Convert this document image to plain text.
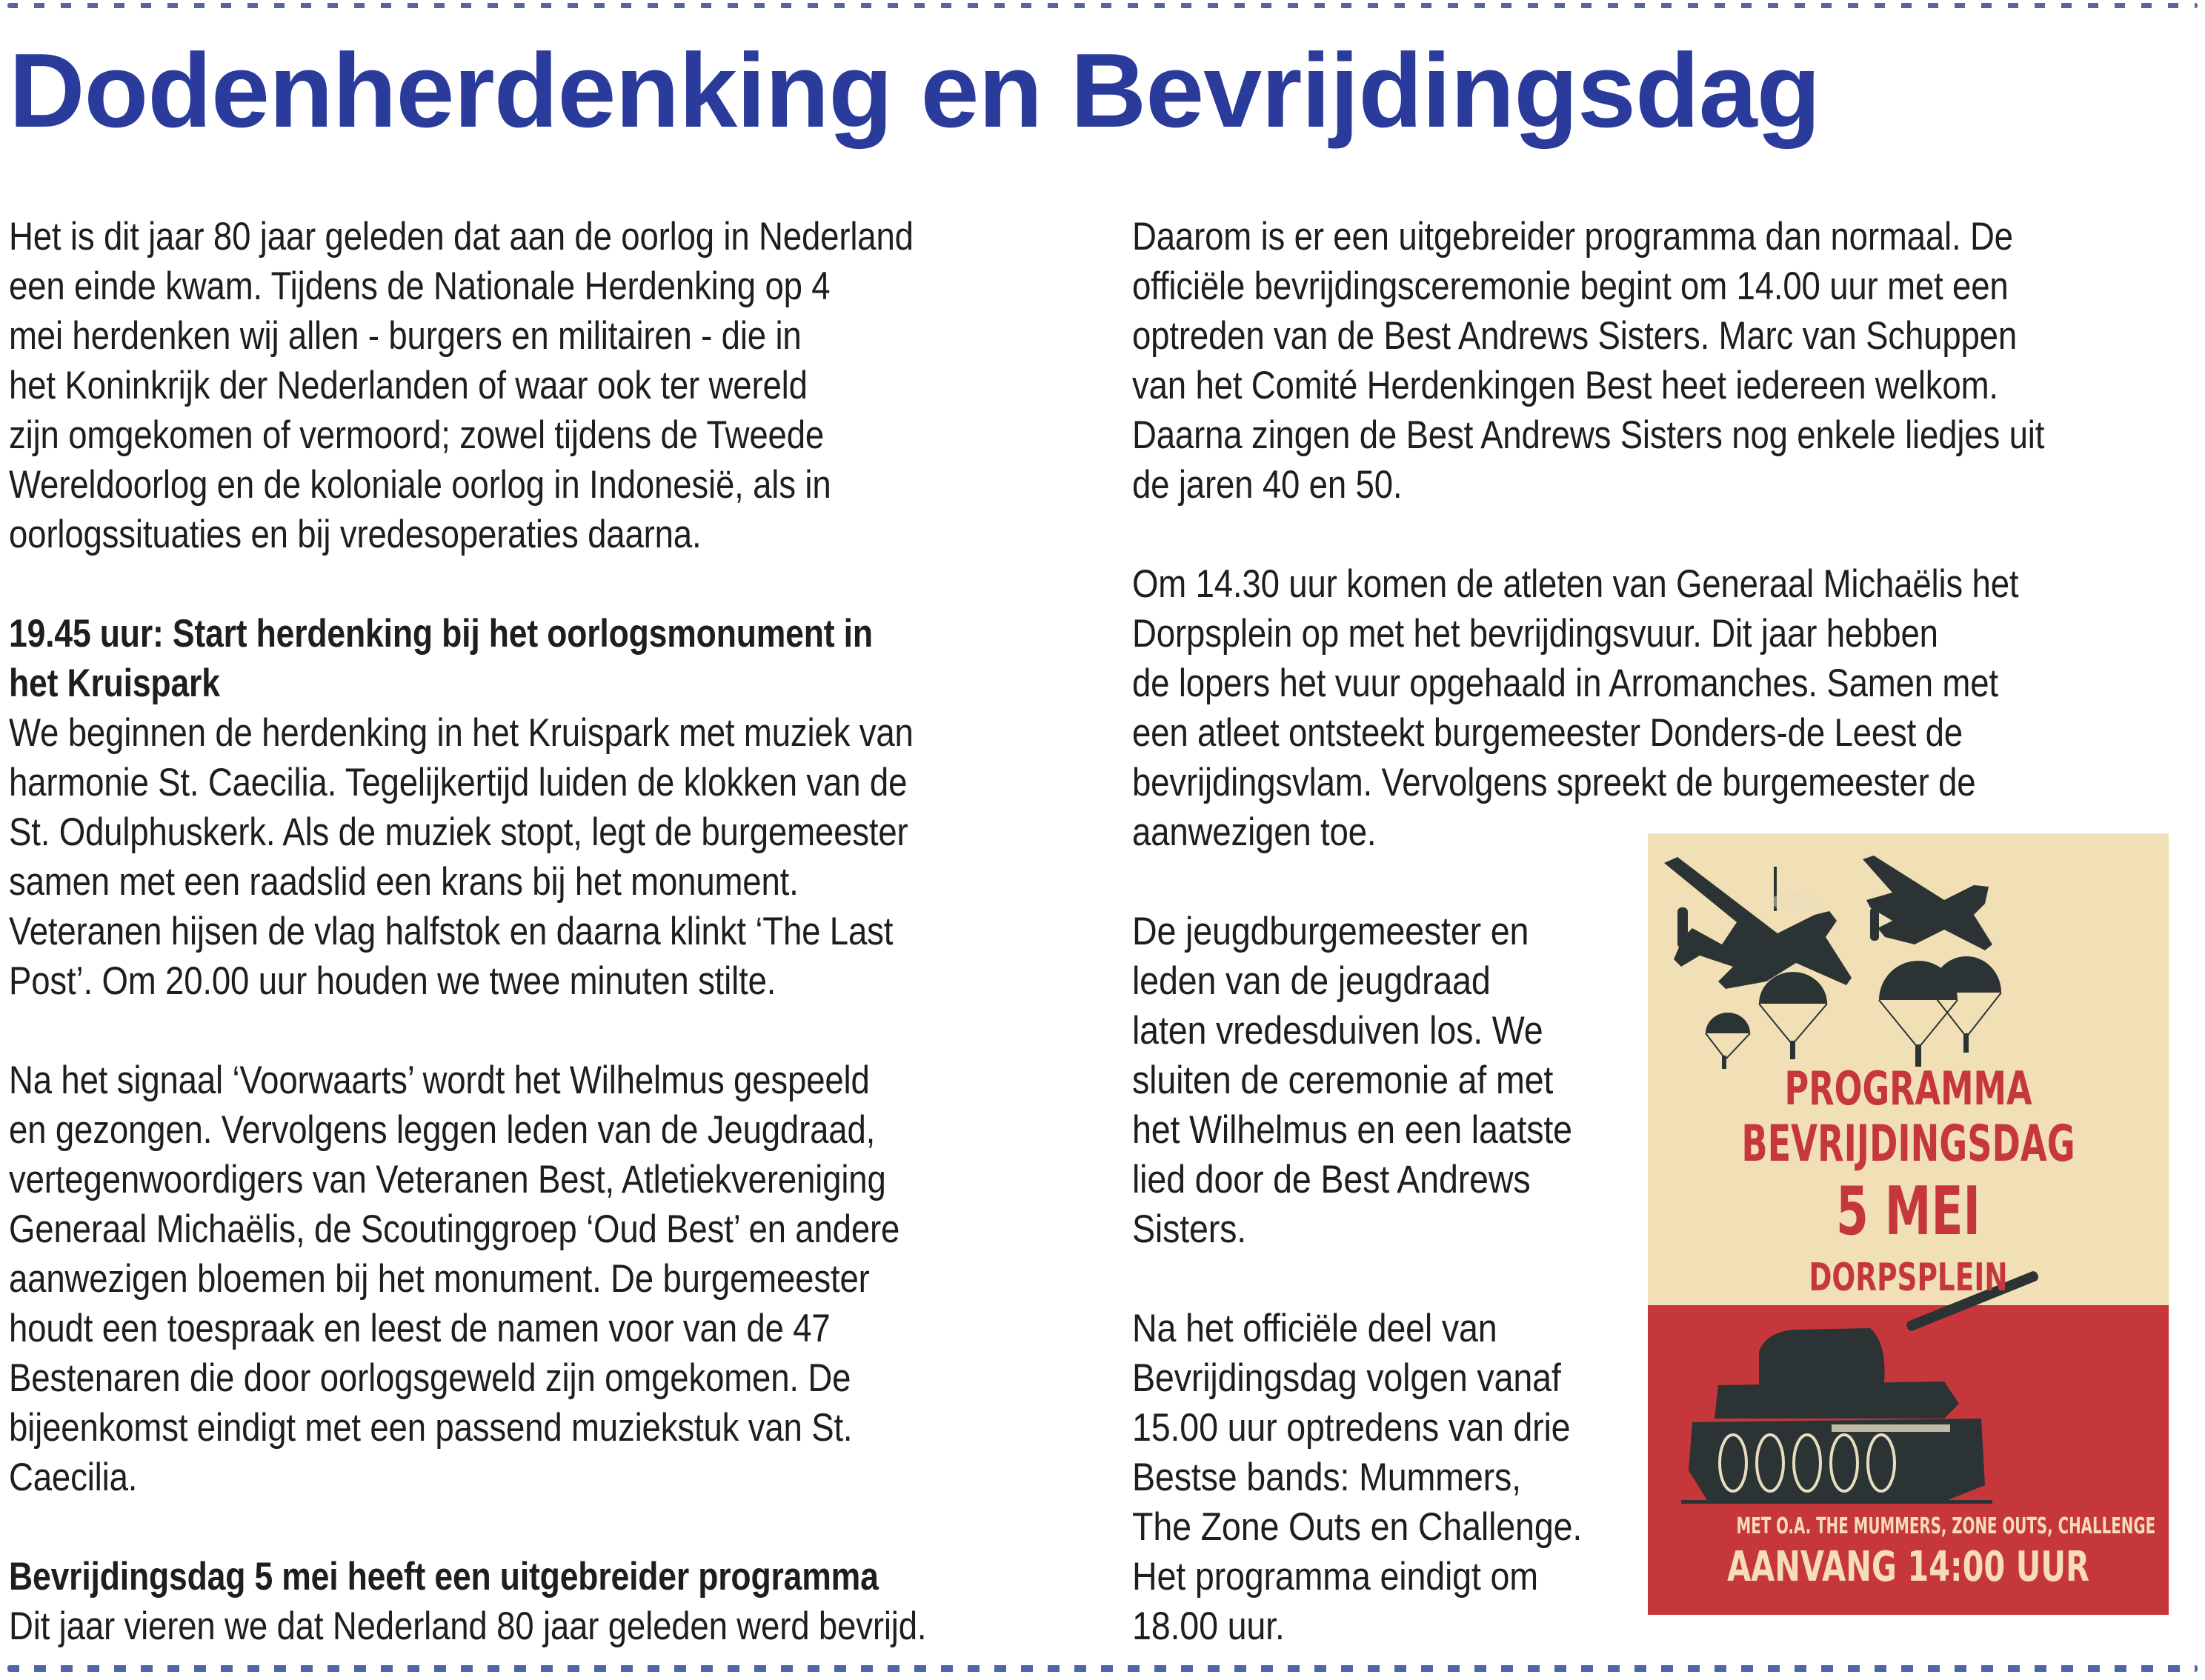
Dodenherdenking en Bevrijdingsdag
Het is dit jaar 80 jaar geleden dat aan de oorlog in Nederland
een einde kwam. Tijdens de Nationale Herdenking op 4
mei herdenken wij allen - burgers en militairen - die in
het Koninkrijk der Nederlanden of waar ook ter wereld
zijn omgekomen of vermoord; zowel tijdens de Tweede
Wereldoorlog en de koloniale oorlog in Indonesië, als in
oorlogssituaties en bij vredesoperaties daarna.
19.45 uur: Start herdenking bij het oorlogsmonument in
het Kruispark
We beginnen de herdenking in het Kruispark met muziek van
harmonie St. Caecilia. Tegelijkertijd luiden de klokken van de
St. Odulphuskerk. Als de muziek stopt, legt de burgemeester
samen met een raadslid een krans bij het monument.
Veteranen hijsen de vlag halfstok en daarna klinkt ‘The Last
Post’. Om 20.00 uur houden we twee minuten stilte.
Na het signaal ‘Voorwaarts’ wordt het Wilhelmus gespeeld
en gezongen. Vervolgens leggen leden van de Jeugdraad,
vertegenwoordigers van Veteranen Best, Atletiekvereniging
Generaal Michaëlis, de Scoutinggroep ‘Oud Best’ en andere
aanwezigen bloemen bij het monument. De burgemeester
houdt een toespraak en leest de namen voor van de 47
Bestenaren die door oorlogsgeweld zijn omgekomen. De
bijeenkomst eindigt met een passend muziekstuk van St.
Caecilia.
Bevrijdingsdag 5 mei heeft een uitgebreider programma
Dit jaar vieren we dat Nederland 80 jaar geleden werd bevrijd.
Daarom is er een uitgebreider programma dan normaal. De
officiële bevrijdingsceremonie begint om 14.00 uur met een
optreden van de Best Andrews Sisters. Marc van Schuppen
van het Comité Herdenkingen Best heet iedereen welkom.
Daarna zingen de Best Andrews Sisters nog enkele liedjes uit
de jaren 40 en 50.
Om 14.30 uur komen de atleten van Generaal Michaëlis het
Dorpsplein op met het bevrijdingsvuur. Dit jaar hebben
de lopers het vuur opgehaald in Arromanches. Samen met
een atleet ontsteekt burgemeester Donders-de Leest de
bevrijdingsvlam. Vervolgens spreekt de burgemeester de
aanwezigen toe.
De jeugdburgemeester en
leden van de jeugdraad
laten vredesduiven los. We
sluiten de ceremonie af met
het Wilhelmus en een laatste
lied door de Best Andrews
Sisters.
Na het officiële deel van
Bevrijdingsdag volgen vanaf
15.00 uur optredens van drie
Bestse bands: Mummers,
The Zone Outs en Challenge.
Het programma eindigt om
18.00 uur.
PROGRAMMA
BEVRIJDINGSDAG
5 MEI
DORPSPLEIN
MET O.A. THE MUMMERS, ZONE OUTS, CHALLENGE
AANVANG 14:00 UUR
